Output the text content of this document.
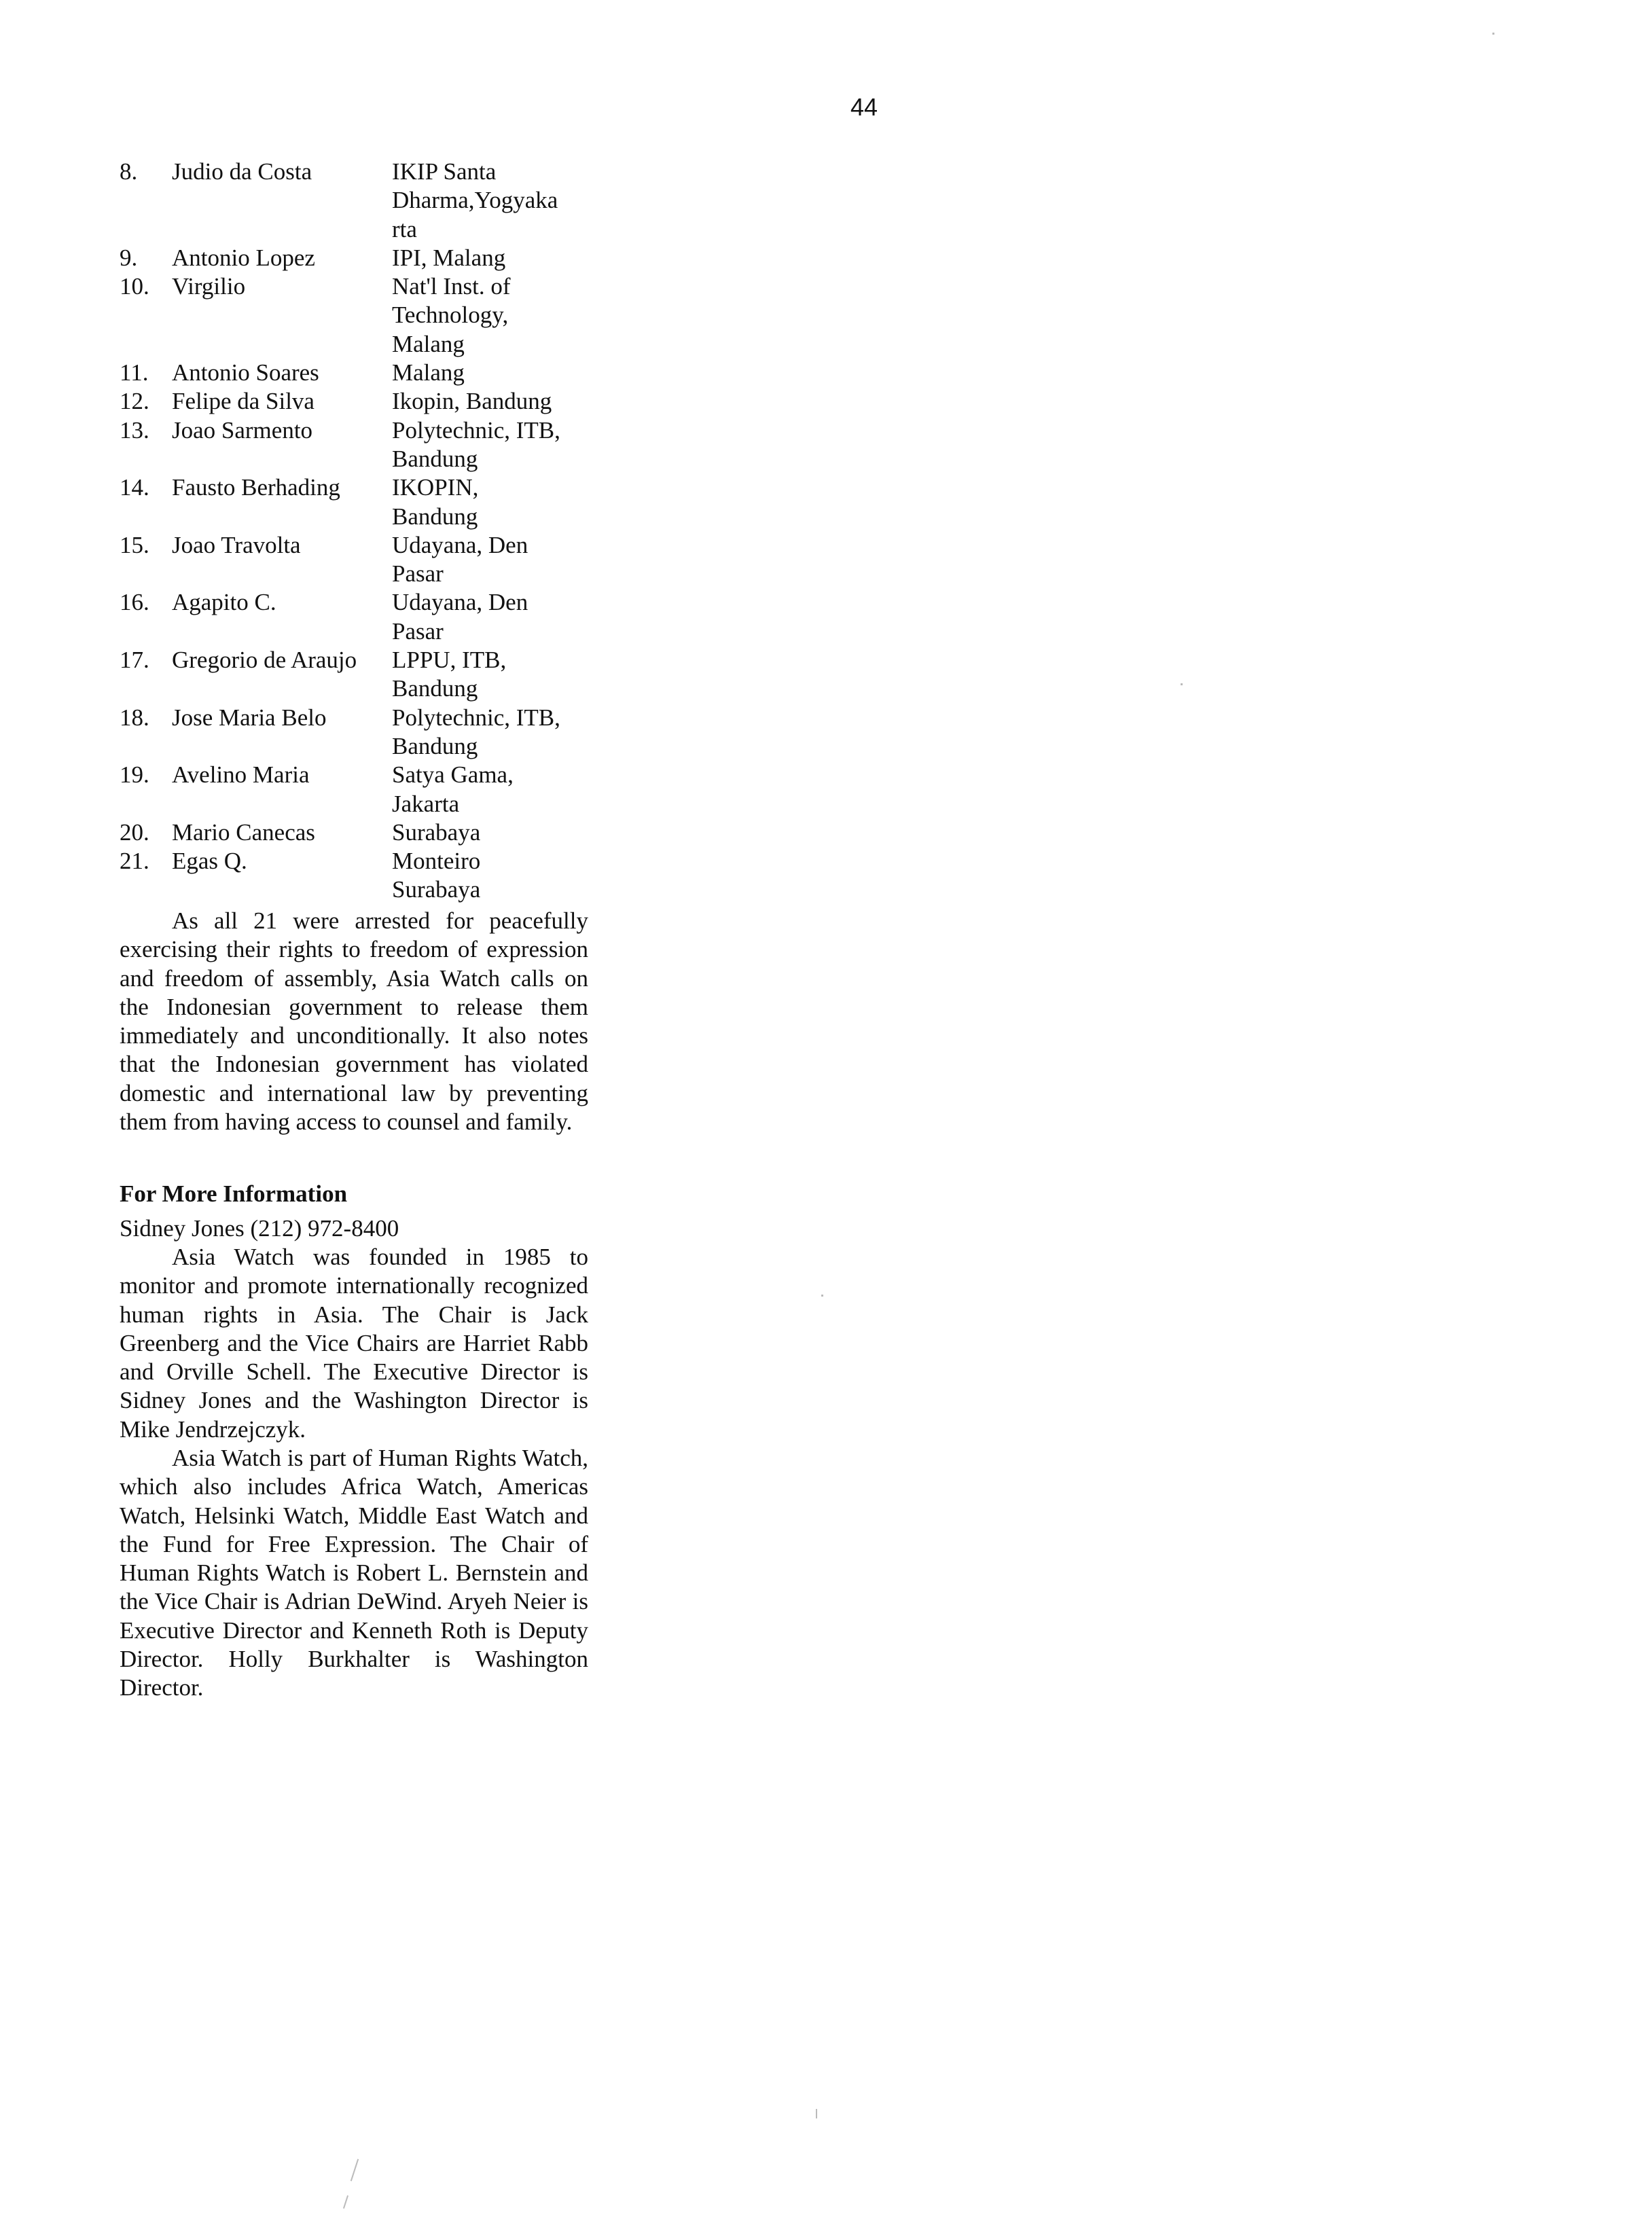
44
8.	Judio da Costa	IKIP Santa
Dharma,Yogyaka
rta
9.	Antonio Lopez	IPI, Malang
10. Virgilio	Nat'l Inst. of
Technology,
Malang
11. Antonio Soares	Malang
12. Felipe da Silva	Ikopin, Bandung
13. Joao Sarmento	Polytechnic, ITB,
Bandung
14. Fausto Berhading	IKOPIN,
Bandung
15. Joao Travolta	Udayana, Den
Pasar
16. Agapito C.	Udayana, Den
Pasar
17. Gregorio de Araujo	LPPU, ITB,
Bandung
18. Jose Maria Belo	Polytechnic, ITB,
Bandung
19. Avelino Maria	Satya Gama,
Jakarta
20. Mario Canecas	Surabaya
21. Egas Q.	Monteiro
Surabaya

As all 21 were arrested for peacefully exercising their rights to freedom of expression and freedom of assembly, Asia Watch calls on the Indonesian government to release them immediately and unconditionally. It also notes that the Indonesian government has violated domestic and international law by preventing them from having access to counsel and family.

For More Information

Sidney Jones (212) 972-8400

Asia Watch was founded in 1985 to monitor and promote internationally recognized human rights in Asia. The Chair is Jack Greenberg and the Vice Chairs are Harriet Rabb and Orville Schell. The Executive Director is Sidney Jones and the Washington Director is Mike Jendrzejczyk.

Asia Watch is part of Human Rights Watch, which also includes Africa Watch, Americas Watch, Helsinki Watch, Middle East Watch and the Fund for Free Expression. The Chair of Human Rights Watch is Robert L. Bernstein and the Vice Chair is Adrian DeWind. Aryeh Neier is Executive Director and Kenneth Roth is Deputy Director. Holly Burkhalter is Washington Director.
